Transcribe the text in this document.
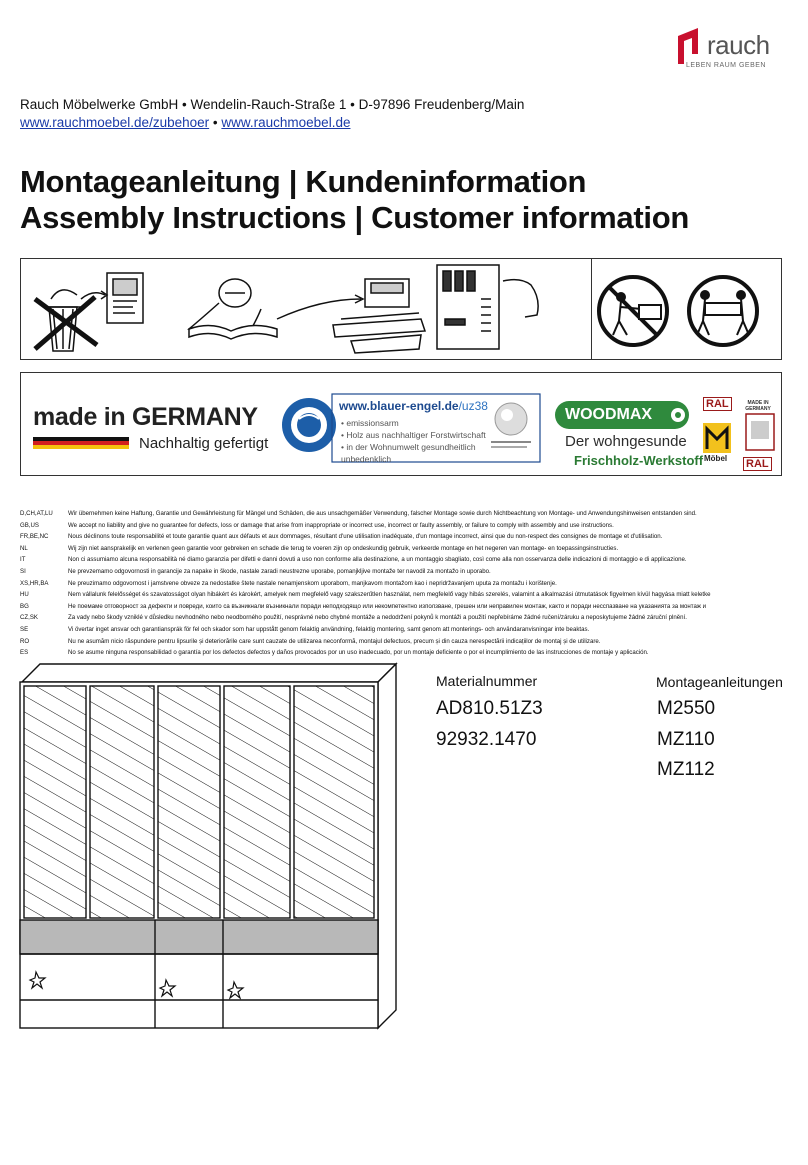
rauch
LEBEN RAUM GEBEN
Rauch Möbelwerke GmbH • Wendelin-Rauch-Straße 1 • D-97896 Freudenberg/Main
www.rauchmoebel.de/zubehoer • www.rauchmoebel.de
Montageanleitung | Kundeninformation
Assembly Instructions | Customer information
made in GERMANY
Nachhaltig gefertigt
www.blauer-engel.de/uz38
• emissionsarm
• Holz aus nachhaltiger Forstwirtschaft
• in der Wohnumwelt gesundheitlich
unbedenklich
WOODMAX
Der wohngesunde
Frischholz-Werkstoff
RAL
Möbel
MADE IN GERMANY
RAL
D,CH,AT,LU	Wir übernehmen keine Haftung, Garantie und Gewährleistung für Mängel und Schäden, die aus unsachgemäßer Verwendung, falscher Montage sowie durch Nichtbeachtung von Montage- und Anwendungshinweisen entstanden sind.
GB,US	We accept no liability and give no guarantee for defects, loss or damage that arise from inappropriate or incorrect use, incorrect or faulty assembly, or failure to comply with assembly and use instructions.
FR,BE,NC	Nous déclinons toute responsabilité et toute garantie quant aux défauts et aux dommages, résultant d'une utilisation inadéquate, d'un montage incorrect, ainsi que du non-respect des consignes de montage et d'utilisation.
NL	Wij zijn niet aansprakelijk en verlenen geen garantie voor gebreken en schade die terug te voeren zijn op ondeskundig gebruik, verkeerde montage en het negeren van montage- en toepassingsinstructies.
IT	Non ci assumiamo alcuna responsabilità né diamo garanzia per difetti e danni dovuti a uso non conforme alla destinazione, a un montaggio sbagliato, così come alla non osservanza delle indicazioni di montaggio e di applicazione.
SI	Ne prevzemamo odgovornosti in garancije za napake in škode, nastale zaradi neustrezne uporabe, pomanjkljive montaže ter navodil za montažo in uporabo.
XS,HR,BA	Ne preuzimamo odgovornost i jamstvene obveze za nedostatke štete nastale nenamjenskom uporabom, manjkavom montažom kao i nepridržavanjem uputa za montažu i korištenje.
HU	Nem vállalunk felelősséget és szavatosságot olyan hibákért és károkért, amelyek nem megfelelő vagy szakszerűtlen használat, nem megfelelő vagy hibás szerelés, valamint a alkalmazási útmutatások figyelmen kívül hagyása miatt keletke
BG	Не поемаме отговорност за дефекти и повреди, които са възникнали възникнали поради неподходящо или некомпетентно използване, грешен или неправилен монтаж, както и поради несспазване на указанията за монтаж и
CZ,SK	Za vady nebo škody vzniklé v důsledku nevhodného nebo neodborného použití, nesprávné nebo chybné montáže a nedodržení pokynů k montáži a použití nepřebíráme žádné ručení/záruku a neposkytujeme žádné záruční plnění.
SE	Vi övertar inget ansvar och garantiansprák för fel och skador som har uppstått genom felaktig användning, felaktig montering, samt genom att monterings- och användaranvisningar inte beaktas.
RO	Nu ne asumăm nicio răspundere pentru lipsurile și deteriorările care sunt cauzate de utilizarea neconformă, montajul defectuos, precum și din cauza nerespectării indicațiilor de montaj și de utilizare.
ES	No se asume ninguna responsabilidad o garantía por los defectos defectos y daños provocados por un uso inadecuado, por un montaje deficiente o por el incumplimiento de las instrucciones de montaje y aplicación.
Materialnummer
AD810.51Z3
92932.1470
Montageanleitungen
M2550
MZ110
MZ112
